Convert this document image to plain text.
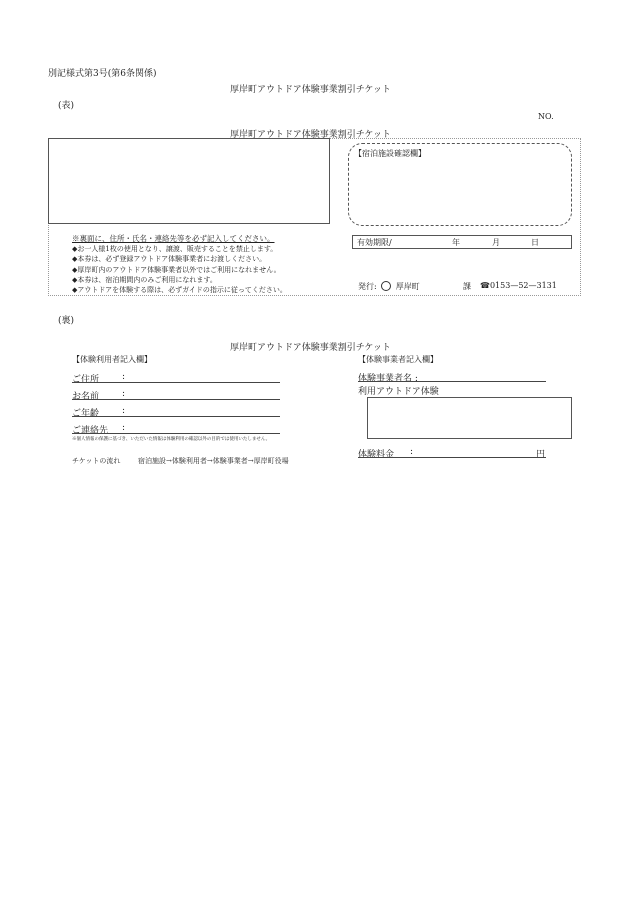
別記様式第3号(第6条関係)
厚岸町アウトドア体験事業割引チケット
(表)
NO.
厚岸町アウトドア体験事業割引チケット
【宿泊施設確認欄】
有効期限/	年	月	日
※裏面に、住所・氏名・連絡先等を必ず記入してください。
◆お一人様1枚の使用となり、譲渡、販売することを禁止します。
◆本券は、必ず登録アウトドア体験事業者にお渡しください。
◆厚岸町内のアウトドア体験事業者以外ではご利用になれません。
◆本券は、宿泊期間内のみご利用になれます。
◆アウトドアを体験する際は、必ずガイドの指示に従ってください。	発行: 厚岸町	課 ☎0153—52—3131
(裏)
厚岸町アウトドア体験事業割引チケット
【体験利用者記入欄】
ご住所	:
お名前	:
ご年齢	:
ご連絡先 :
※個人情報の保護に基づき、いただいた情報は体験利用の確認以外の目的では使用いたしません。
チケットの流れ	宿泊施設→体験利用者→体験事業者→厚岸町役場
【体験事業者記入欄】
体験事業者名 :
利用アウトドア体験
体験料金 :	円
